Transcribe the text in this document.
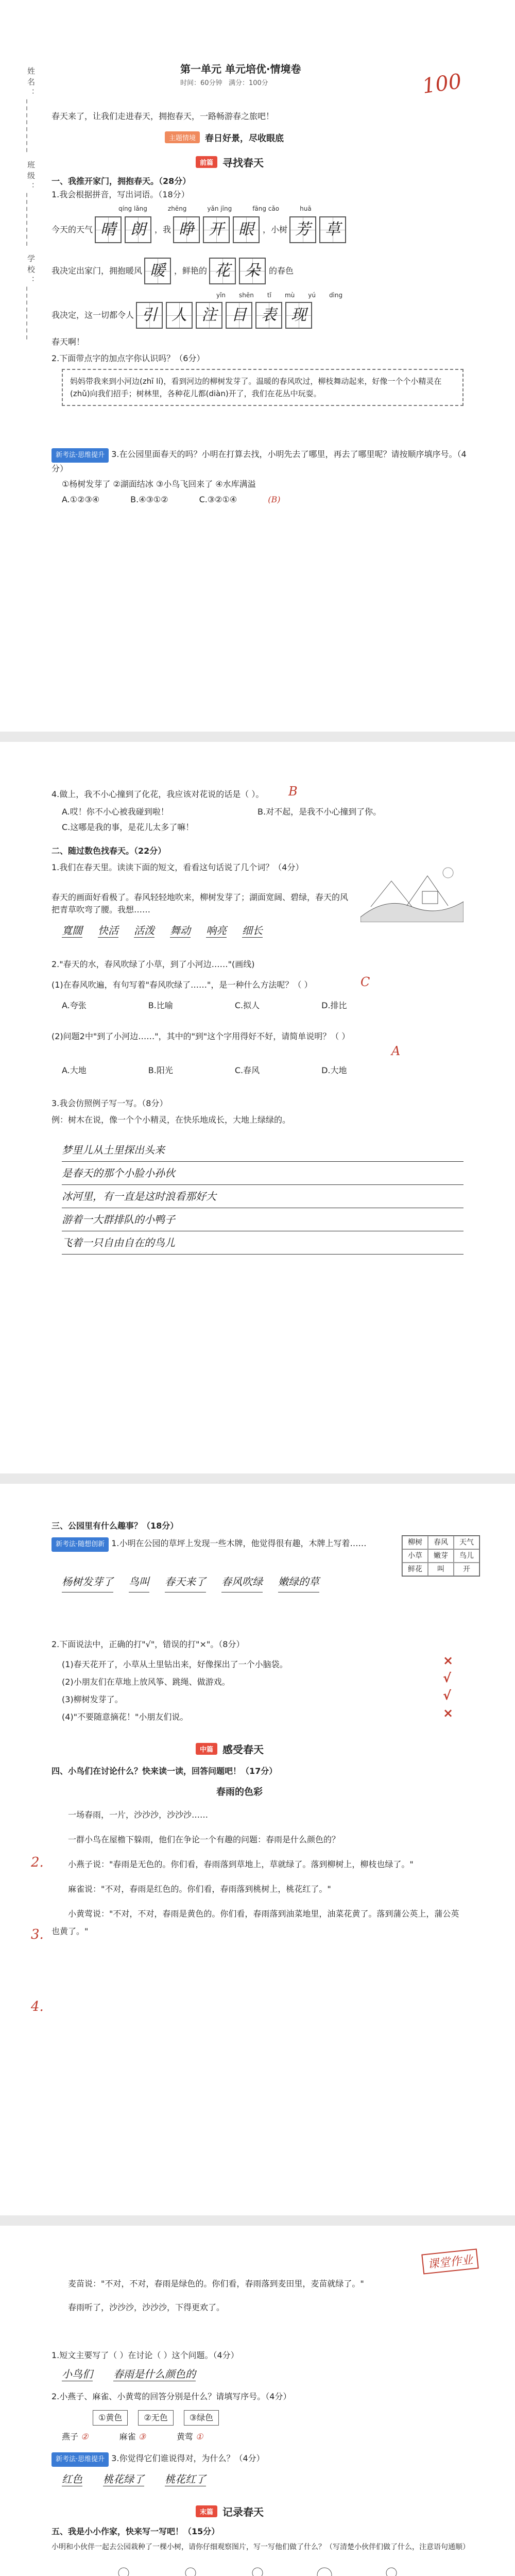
姓名：________ 班级：________ 学校：________
第一单元 单元培优·情境卷
时间：60分钟 满分：100分	100
春天来了，让我们走进春天，拥抱春天，一路畅游春之旅吧！
主题情境	春日好景，尽收眼底
前篇 寻找春天
一、我推开家门，拥抱春天。（28分）
1.我会根据拼音，写出词语。（18分）
qíng lǎng	zhēng	yǎn jīng	fāng cǎo	huā
今天的天气 晴 朗	，我 睁 开 眼	，小树 芳 草
我决定出家门，拥抱暖风 暖	，鲜艳的 花 朵	的春色
yǐn shēn tǐ mù yú dìng
我决定，这一切都令人 引 人 注 目 表 现
春天啊！
2.下面带点字的加点字你认识吗？（6分）
妈妈带我来到小河边(zhī lí)，看到河边的柳树发芽了。温暖的春风吹过，柳枝舞动起来，好像一个个小精灵在(zhǔ)向我们招手；树林里，各种花儿都(diàn)开了，我们在花丛中玩耍。
新考法·思维提升 3.在公园里面春天的吗？小明在打算去找，小明先去了哪里，再去了哪里呢？请按顺序填序号。（4分）
①杨树发芽了 ②湖面结冰 ③小鸟飞回来了 ④水库满溢
A.①②③④	B.④③①②	C.③②①④	(B)
4.做上，我不小心撞到了化花，我应该对花说的话是（ ）。 B
A.哎！你不小心被我碰到啦！	B.对不起，是我不小心撞到了你。
C.这哪是我的事，是花儿太多了嘛！
二、随过数色找春天。（22分）
1.我们在春天里。读读下面的短文，看看这句话说了几个词？（4分）
春天的画面好看极了。春风轻轻地吹来，柳树发芽了；湖面宽阔、碧绿，春天的风把青草吹弯了腰。我想……
寬闊 快活 活泼 舞动 响亮 细长
2."春天的水，春风吹绿了小草，到了小河边……"(画线)
(1)在春风吹遍，有句写着"春风吹绿了……"，是一种什么方法呢？（ ）	C
A.夸张	B.比喻	C.拟人	D.排比
(2)问题2中"到了小河边……"，其中的"到"这个字用得好不好，请简单说明？（ ）
A
A.大地	B.阳光	C.春风	D.大地
3.我会仿照例子写一写。（8分）
例：树木在说，像一个个小精灵，在快乐地成长，大地上绿绿的。
梦里儿从土里探出头来
是春天的那个小脸小孙伙
冰河里，有一直是这时浪看那好大
游着一大群排队的小鸭子
飞着一只自由自在的鸟儿
三、公园里有什么趣事？（18分）
新考法·随想创新 1.小明在公园的草坪上发现一些木牌，他觉得很有趣，木牌上写着……
杨树发芽了 鸟叫 春天来了 春风吹绿 嫩绿的草
柳树	春风	天气
小草	嫩芽	鸟儿
鲜花	叫	开
2.下面说法中，正确的打"√"，错误的打"×"。（8分）
(1)春天花开了，小草从土里钻出来，好像探出了一个小脑袋。
(2)小朋友们在草地上放风筝、跳绳、做游戏。
(3)柳树发芽了。
(4)"不要随意摘花！"小朋友们说。
×
√
√
×
中篇 感受春天
四、小鸟们在讨论什么？快来读一读，回答问题吧！（17分）
春雨的色彩

一场春雨，一片，沙沙沙，沙沙沙……

一群小鸟在屋檐下躲雨，他们在争论一个有趣的问题：春雨是什么颜色的？

小燕子说："春雨是无色的。你们看，春雨落到草地上，草就绿了。落到柳树上，柳枝也绿了。"

麻雀说："不对，春雨是红色的。你们看，春雨落到桃树上，桃花红了。"

小黄莺说："不对，不对，春雨是黄色的。你们看，春雨落到油菜地里，油菜花黄了。落到蒲公英上，蒲公英也黄了。"

2.
3.
4.
课堂作业

麦苗说："不对，不对，春雨是绿色的。你们看，春雨落到麦田里，麦苗就绿了。"

春雨听了，沙沙沙，沙沙沙，下得更欢了。

1.短文主要写了（ ）在讨论（ ）这个问题。（4分）
小鸟们 春雨是什么颜色的
2.小燕子、麻雀、小黄莺的回答分别是什么？请填写序号。（4分）
①黄色	②无色	③绿色
燕子 ②	麻雀 ③	黄莺 ①
新考法·思维提升 3.你觉得它们谁说得对，为什么？（4分）
红色 桃花绿了 桃花红了
末篇 记录春天
五、我是小小作家，快来写一写吧！（15分）
小明和小伙伴一起去公园栽种了一棵小树，请你仔细观察图片，写一写他们做了什么？（写清楚小伙伴们做了什么，注意语句通顺）
